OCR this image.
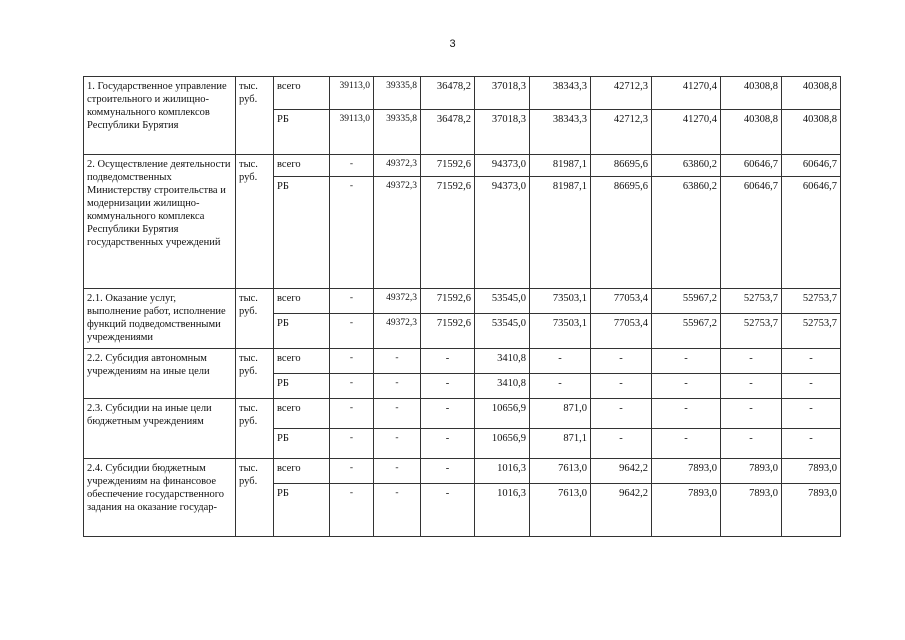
3
1. Государственное управление строительного и жилищно-коммунального комплексов Республики Бурятия	тыс. руб.	всего	39113,0	39335,8	36478,2	37018,3	38343,3	42712,3	41270,4	40308,8	40308,8
		РБ	39113,0	39335,8	36478,2	37018,3	38343,3	42712,3	41270,4	40308,8	40308,8
2. Осуществление деятельности подведомственных Министерству строительства и модернизации жилищно-коммунального комплекса Республики Бурятия государственных учреждений	тыс. руб.	всего	-	49372,3	71592,6	94373,0	81987,1	86695,6	63860,2	60646,7	60646,7
		РБ	-	49372,3	71592,6	94373,0	81987,1	86695,6	63860,2	60646,7	60646,7
2.1. Оказание услуг, выполнение работ, исполнение функций подведомственными учреждениями	тыс. руб.	всего	-	49372,3	71592,6	53545,0	73503,1	77053,4	55967,2	52753,7	52753,7
		РБ	-	49372,3	71592,6	53545,0	73503,1	77053,4	55967,2	52753,7	52753,7
2.2. Субсидия автономным учреждениям на иные цели	тыс. руб.	всего	-	-	-	3410,8	-	-	-	-	-
		РБ	-	-	-	3410,8	-	-	-	-	-
2.3. Субсидии на иные цели бюджетным учреждениям	тыс. руб.	всего	-	-	-	10656,9	871,0	-	-	-	-
		РБ	-	-	-	10656,9	871,1	-	-	-	-
2.4. Субсидии бюджетным учреждениям на финансовое обеспечение государственного задания на оказание государ-	тыс. руб.	всего	-	-	-	1016,3	7613,0	9642,2	7893,0	7893,0	7893,0
		РБ	-	-	-	1016,3	7613,0	9642,2	7893,0	7893,0	7893,0
